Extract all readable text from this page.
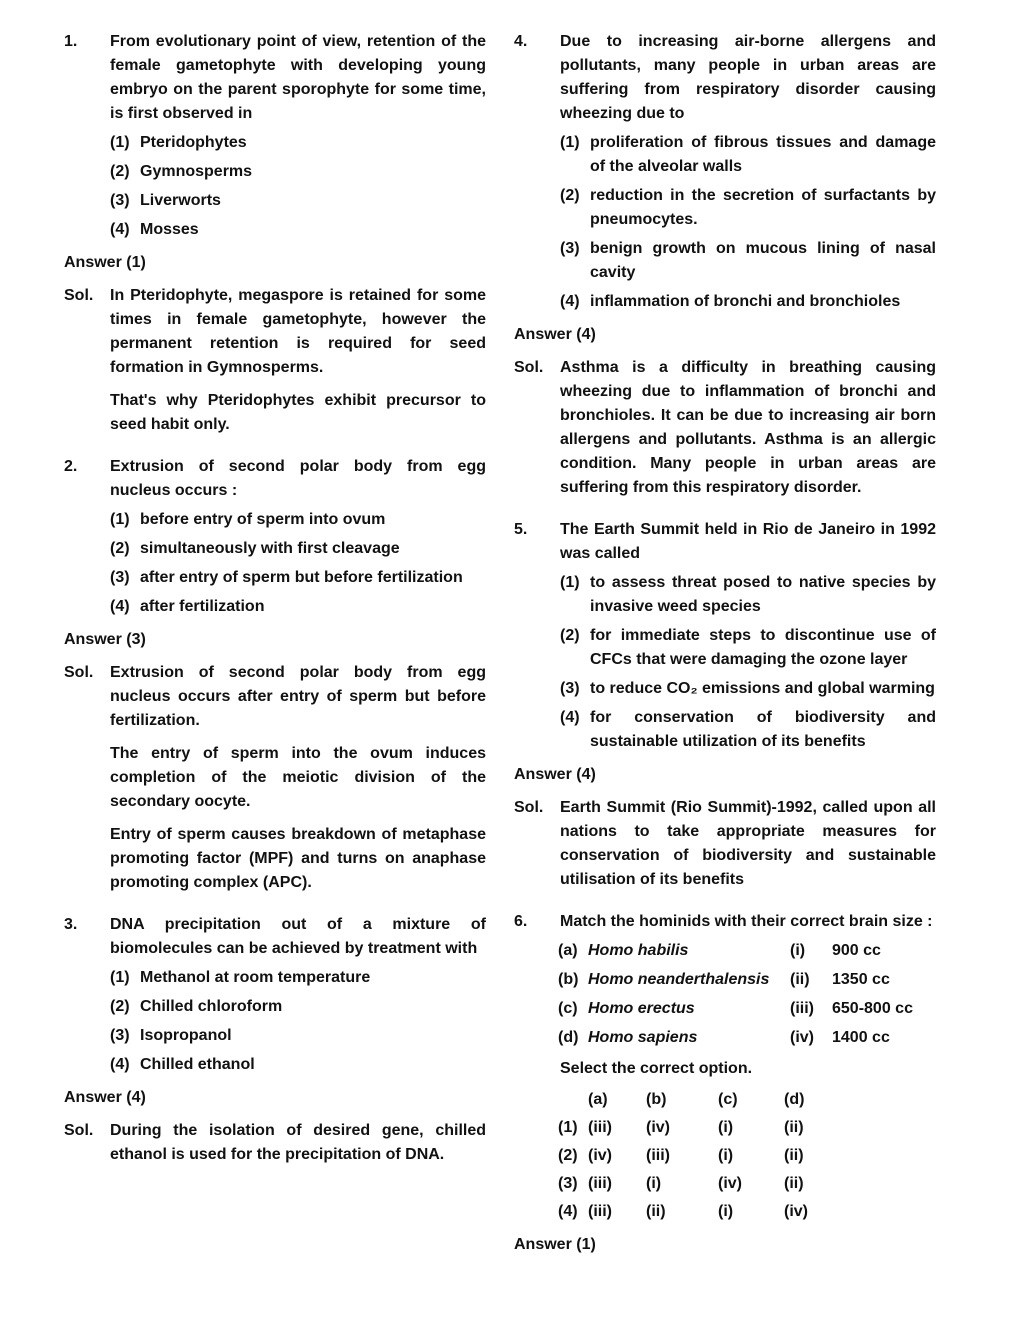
1.	From evolutionary point of view, retention of the female gametophyte with developing young embryo on the parent sporophyte for some time, is first observed in
(1) Pteridophytes
(2) Gymnosperms
(3) Liverworts
(4) Mosses
Answer (1)
Sol.	In Pteridophyte, megaspore is retained for some times in female gametophyte, however the permanent retention is required for seed formation in Gymnosperms.
That's why Pteridophytes exhibit precursor to seed habit only.
2.	Extrusion of second polar body from egg nucleus occurs :
(1) before entry of sperm into ovum
(2) simultaneously with first cleavage
(3) after entry of sperm but before fertilization
(4) after fertilization
Answer (3)
Sol.	Extrusion of second polar body from egg nucleus occurs after entry of sperm but before fertilization.
The entry of sperm into the ovum induces completion of the meiotic division of the secondary oocyte.
Entry of sperm causes breakdown of metaphase promoting factor (MPF) and turns on anaphase promoting complex (APC).
3.	DNA precipitation out of a mixture of biomolecules can be achieved by treatment with
(1) Methanol at room temperature
(2) Chilled chloroform
(3) Isopropanol
(4) Chilled ethanol
Answer (4)
Sol.	During the isolation of desired gene, chilled ethanol is used for the precipitation of DNA.
4.	Due to increasing air-borne allergens and pollutants, many people in urban areas are suffering from respiratory disorder causing wheezing due to
(1) proliferation of fibrous tissues and damage of the alveolar walls
(2) reduction in the secretion of surfactants by pneumocytes.
(3) benign growth on mucous lining of nasal cavity
(4) inflammation of bronchi and bronchioles
Answer (4)
Sol.	Asthma is a difficulty in breathing causing wheezing due to inflammation of bronchi and bronchioles. It can be due to increasing air born allergens and pollutants. Asthma is an allergic condition. Many people in urban areas are suffering from this respiratory disorder.
5.	The Earth Summit held in Rio de Janeiro in 1992 was called
(1) to assess threat posed to native species by invasive weed species
(2) for immediate steps to discontinue use of CFCs that were damaging the ozone layer
(3) to reduce CO₂ emissions and global warming
(4) for conservation of biodiversity and sustainable utilization of its benefits
Answer (4)
Sol.	Earth Summit (Rio Summit)-1992, called upon all nations to take appropriate measures for conservation of biodiversity and sustainable utilisation of its benefits
6.	Match the hominids with their correct brain size :
(a) Homo habilis	(i)	900 cc
(b) Homo neanderthalensis	(ii)	1350 cc
(c) Homo erectus	(iii)	650-800 cc
(d) Homo sapiens	(iv)	1400 cc
Select the correct option.
(a)	(b)	(c)	(d)
(1) (iii)	(iv)	(i)	(ii)
(2) (iv)	(iii)	(i)	(ii)
(3) (iii)	(i)	(iv)	(ii)
(4) (iii)	(ii)	(i)	(iv)
Answer (1)
